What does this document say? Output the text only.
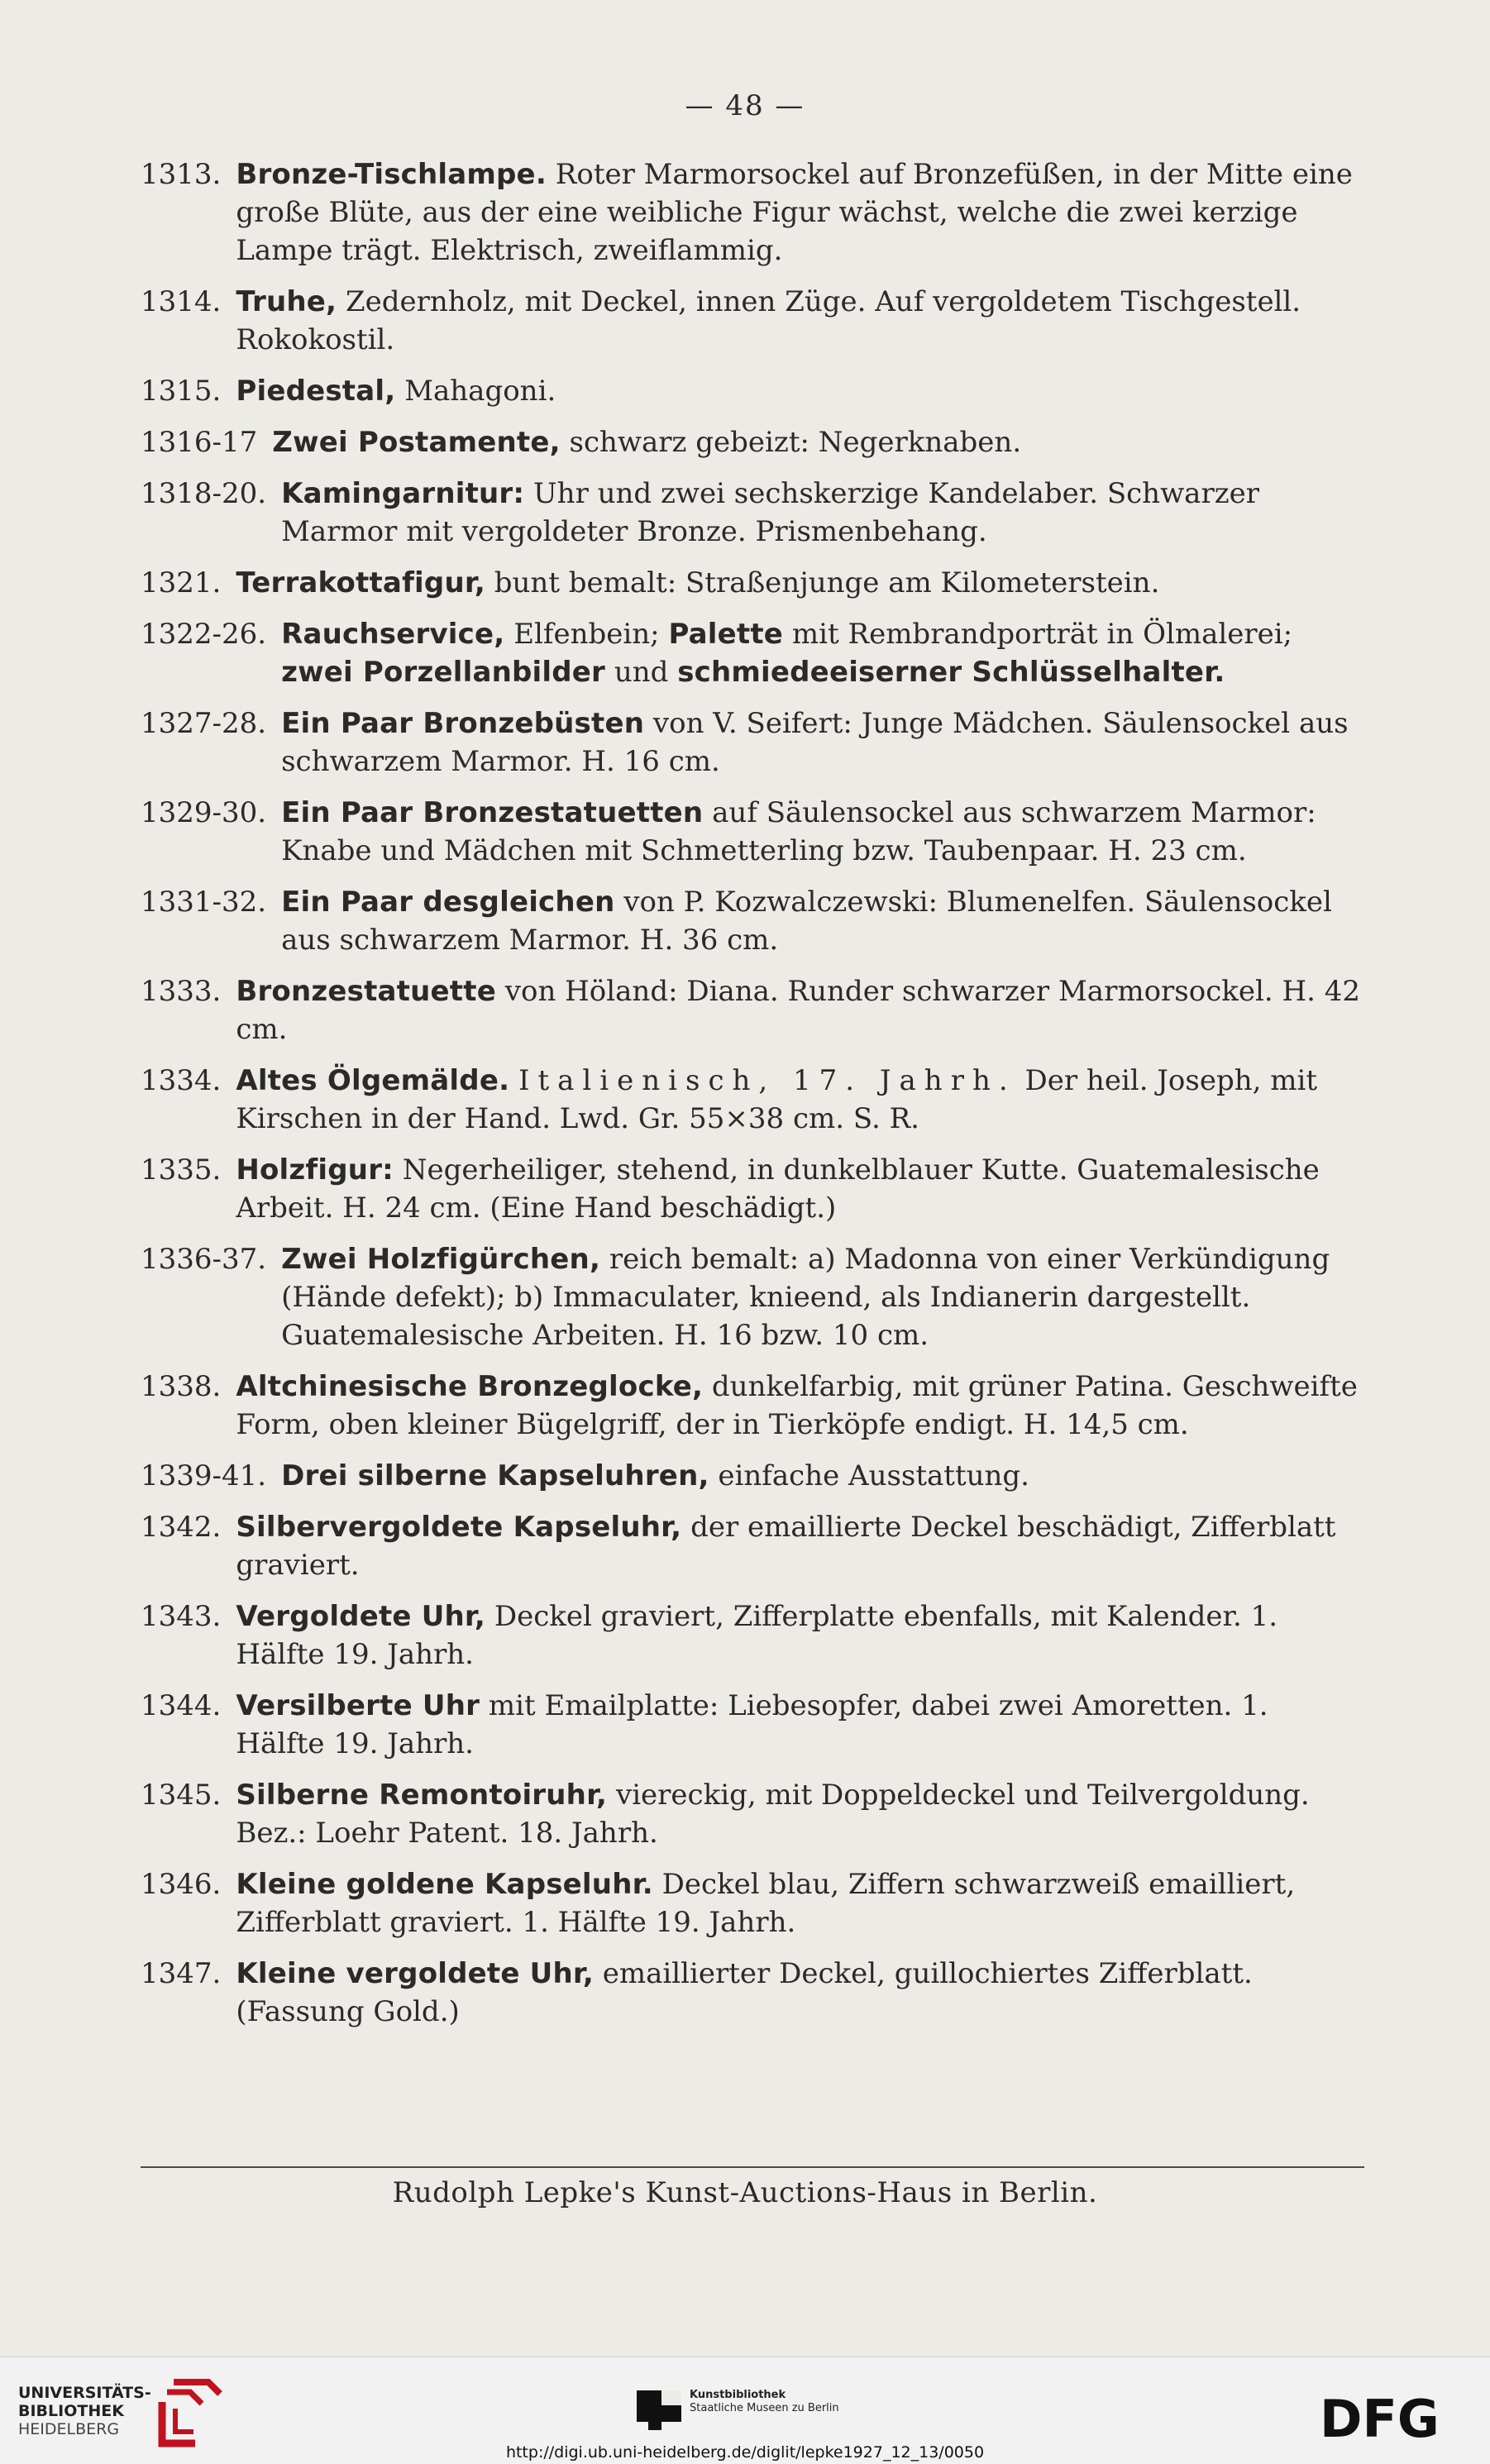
— 48 —
1313. Bronze-Tischlampe. Roter Marmorsockel auf Bronzefüßen, in der Mitte eine große Blüte, aus der eine weibliche Figur wächst, welche die zwei kerzige Lampe trägt. Elektrisch, zweiflammig.
1314. Truhe, Zedernholz, mit Deckel, innen Züge. Auf vergoldetem Tischgestell. Rokokostil.
1315. Piedestal, Mahagoni.
1316-17 Zwei Postamente, schwarz gebeizt: Negerknaben.
1318-20. Kamingarnitur: Uhr und zwei sechskerzige Kandelaber. Schwarzer Marmor mit vergoldeter Bronze. Prismenbehang.
1321. Terrakottafigur, bunt bemalt: Straßenjunge am Kilometerstein.
1322-26. Rauchservice, Elfenbein; Palette mit Rembrandporträt in Ölmalerei; zwei Porzellanbilder und schmiedeeiserner Schlüsselhalter.
1327-28. Ein Paar Bronzebüsten von V. Seifert: Junge Mädchen. Säulensockel aus schwarzem Marmor. H. 16 cm.
1329-30. Ein Paar Bronzestatuetten auf Säulensockel aus schwarzem Marmor: Knabe und Mädchen mit Schmetterling bzw. Taubenpaar. H. 23 cm.
1331-32. Ein Paar desgleichen von P. Kozwalczewski: Blumenelfen. Säulensockel aus schwarzem Marmor. H. 36 cm.
1333. Bronzestatuette von Höland: Diana. Runder schwarzer Marmorsockel. H. 42 cm.
1334. Altes Ölgemälde. Italienisch, 17. Jahrh. Der heil. Joseph, mit Kirschen in der Hand. Lwd. Gr. 55×38 cm. S. R.
1335. Holzfigur: Negerheiliger, stehend, in dunkelblauer Kutte. Guatemalesische Arbeit. H. 24 cm. (Eine Hand beschädigt.)
1336-37. Zwei Holzfigürchen, reich bemalt: a) Madonna von einer Verkündigung (Hände defekt); b) Immaculater, knieend, als Indianerin dargestellt. Guatemalesische Arbeiten. H. 16 bzw. 10 cm.
1338. Altchinesische Bronzeglocke, dunkelfarbig, mit grüner Patina. Geschweifte Form, oben kleiner Bügelgriff, der in Tierköpfe endigt. H. 14,5 cm.
1339-41. Drei silberne Kapseluhren, einfache Ausstattung.
1342. Silbervergoldete Kapseluhr, der emaillierte Deckel beschädigt, Zifferblatt graviert.
1343. Vergoldete Uhr, Deckel graviert, Zifferplatte ebenfalls, mit Kalender. 1. Hälfte 19. Jahrh.
1344. Versilberte Uhr mit Emailplatte: Liebesopfer, dabei zwei Amoretten. 1. Hälfte 19. Jahrh.
1345. Silberne Remontoiruhr, viereckig, mit Doppeldeckel und Teilvergoldung. Bez.: Loehr Patent. 18. Jahrh.
1346. Kleine goldene Kapseluhr. Deckel blau, Ziffern schwarzweiß emailliert, Zifferblatt graviert. 1. Hälfte 19. Jahrh.
1347. Kleine vergoldete Uhr, emaillierter Deckel, guillochiertes Zifferblatt. (Fassung Gold.)
Rudolph Lepke's Kunst-Auctions-Haus in Berlin.
UNIVERSITÄTS-
BIBLIOTHEK
HEIDELBERG
Kunstbibliothek
Staatliche Museen zu Berlin	DFG
http://digi.ub.uni-heidelberg.de/diglit/lepke1927_12_13/0050
